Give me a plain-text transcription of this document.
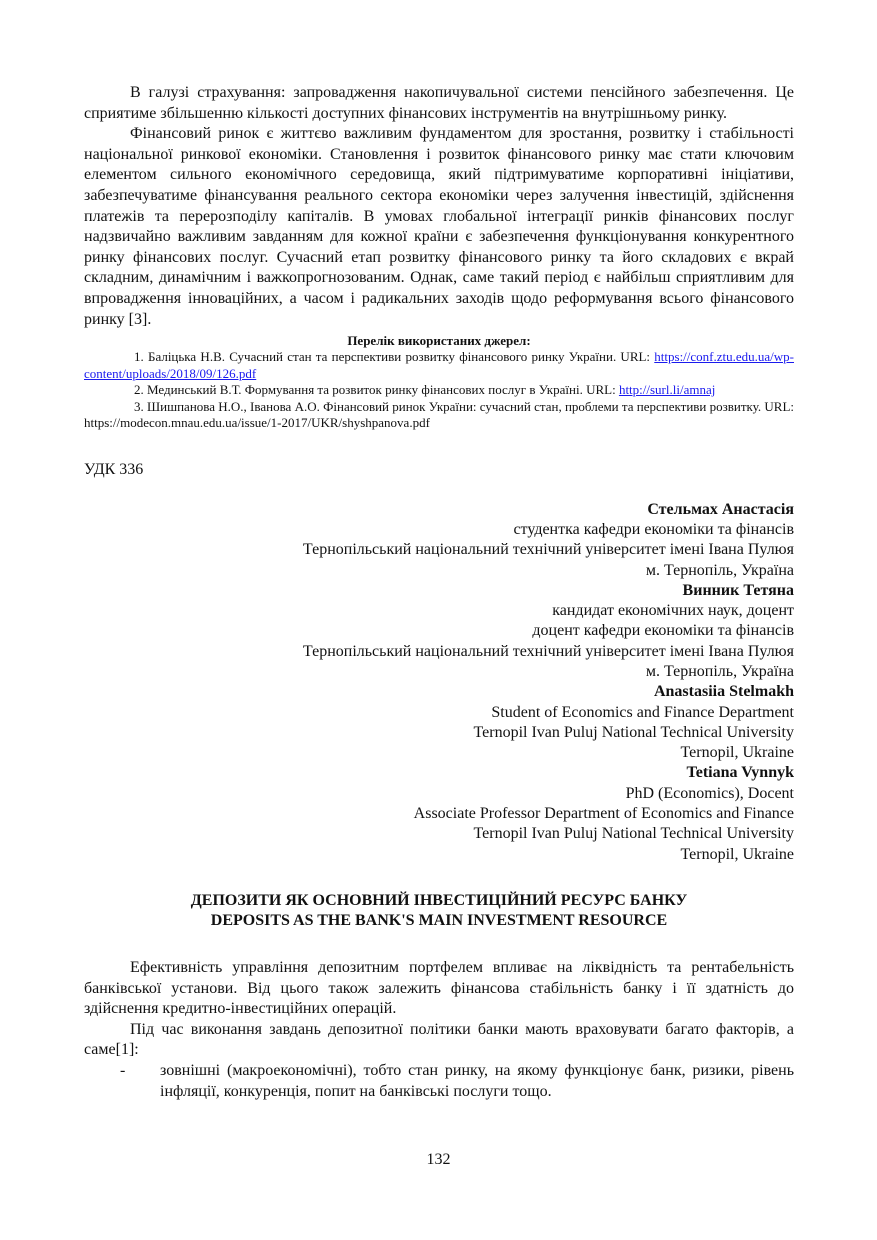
В галузі страхування: запровадження накопичувальної системи пенсійного забезпечення. Це сприятиме збільшенню кількості доступних фінансових інструментів на внутрішньому ринку.

Фінансовий ринок є життєво важливим фундаментом для зростання, розвитку і стабільності національної ринкової економіки. Становлення і розвиток фінансового ринку має стати ключовим елементом сильного економічного середовища, який підтримуватиме корпоративні ініціативи, забезпечуватиме фінансування реального сектора економіки через залучення інвестицій, здійснення платежів та перерозподілу капіталів. В умовах глобальної інтеграції ринків фінансових послуг надзвичайно важливим завданням для кожної країни є забезпечення функціонування конкурентного ринку фінансових послуг. Сучасний етап розвитку фінансового ринку та його складових є вкрай складним, динамічним і важкопрогнозованим. Однак, саме такий період є найбільш сприятливим для впровадження інноваційних, а часом і радикальних заходів щодо реформування всього фінансового ринку [3].

Перелік використаних джерел:

1. Баліцька Н.В. Сучасний стан та перспективи розвитку фінансового ринку України. URL: https://conf.ztu.edu.ua/wp-content/uploads/2018/09/126.pdf

2. Мединський В.Т. Формування та розвиток ринку фінансових послуг в Україні. URL: http://surl.li/amnaj

3. Шишпанова Н.О., Іванова А.О. Фінансовий ринок України: сучасний стан, проблеми та перспективи розвитку. URL: https://modecon.mnau.edu.ua/issue/1-2017/UKR/shyshpanova.pdf

УДК 336

Стельмах Анастасія
студентка кафедри економіки та фінансів
Тернопільський національний технічний університет імені Івана Пулюя
м. Тернопіль, Україна
Винник Тетяна
кандидат економічних наук, доцент
доцент кафедри економіки та фінансів
Тернопільський національний технічний університет імені Івана Пулюя
м. Тернопіль, Україна
Anastasiia Stelmakh
Student of Economics and Finance Department
Ternopil Ivan Puluj National Technical University
Ternopil, Ukraine
Tetiana Vynnyk
PhD (Economics), Docent
Associate Professor Department of Economics and Finance
Ternopil Ivan Puluj National Technical University
Ternopil, Ukraine
ДЕПОЗИТИ ЯК ОСНОВНИЙ ІНВЕСТИЦІЙНИЙ РЕСУРС БАНКУ
DEPOSITS AS THE BANK'S MAIN INVESTMENT RESOURCE

Ефективність управління депозитним портфелем впливає на ліквідність та рентабельність банківської установи. Від цього також залежить фінансова стабільність банку і її здатність до здійснення кредитно-інвестиційних операцій.

Під час виконання завдань депозитної політики банки мають враховувати багато факторів, а саме[1]:

- зовнішні (макроекономічні), тобто стан ринку, на якому функціонує банк, ризики, рівень інфляції, конкуренція, попит на банківські послуги тощо.
132
